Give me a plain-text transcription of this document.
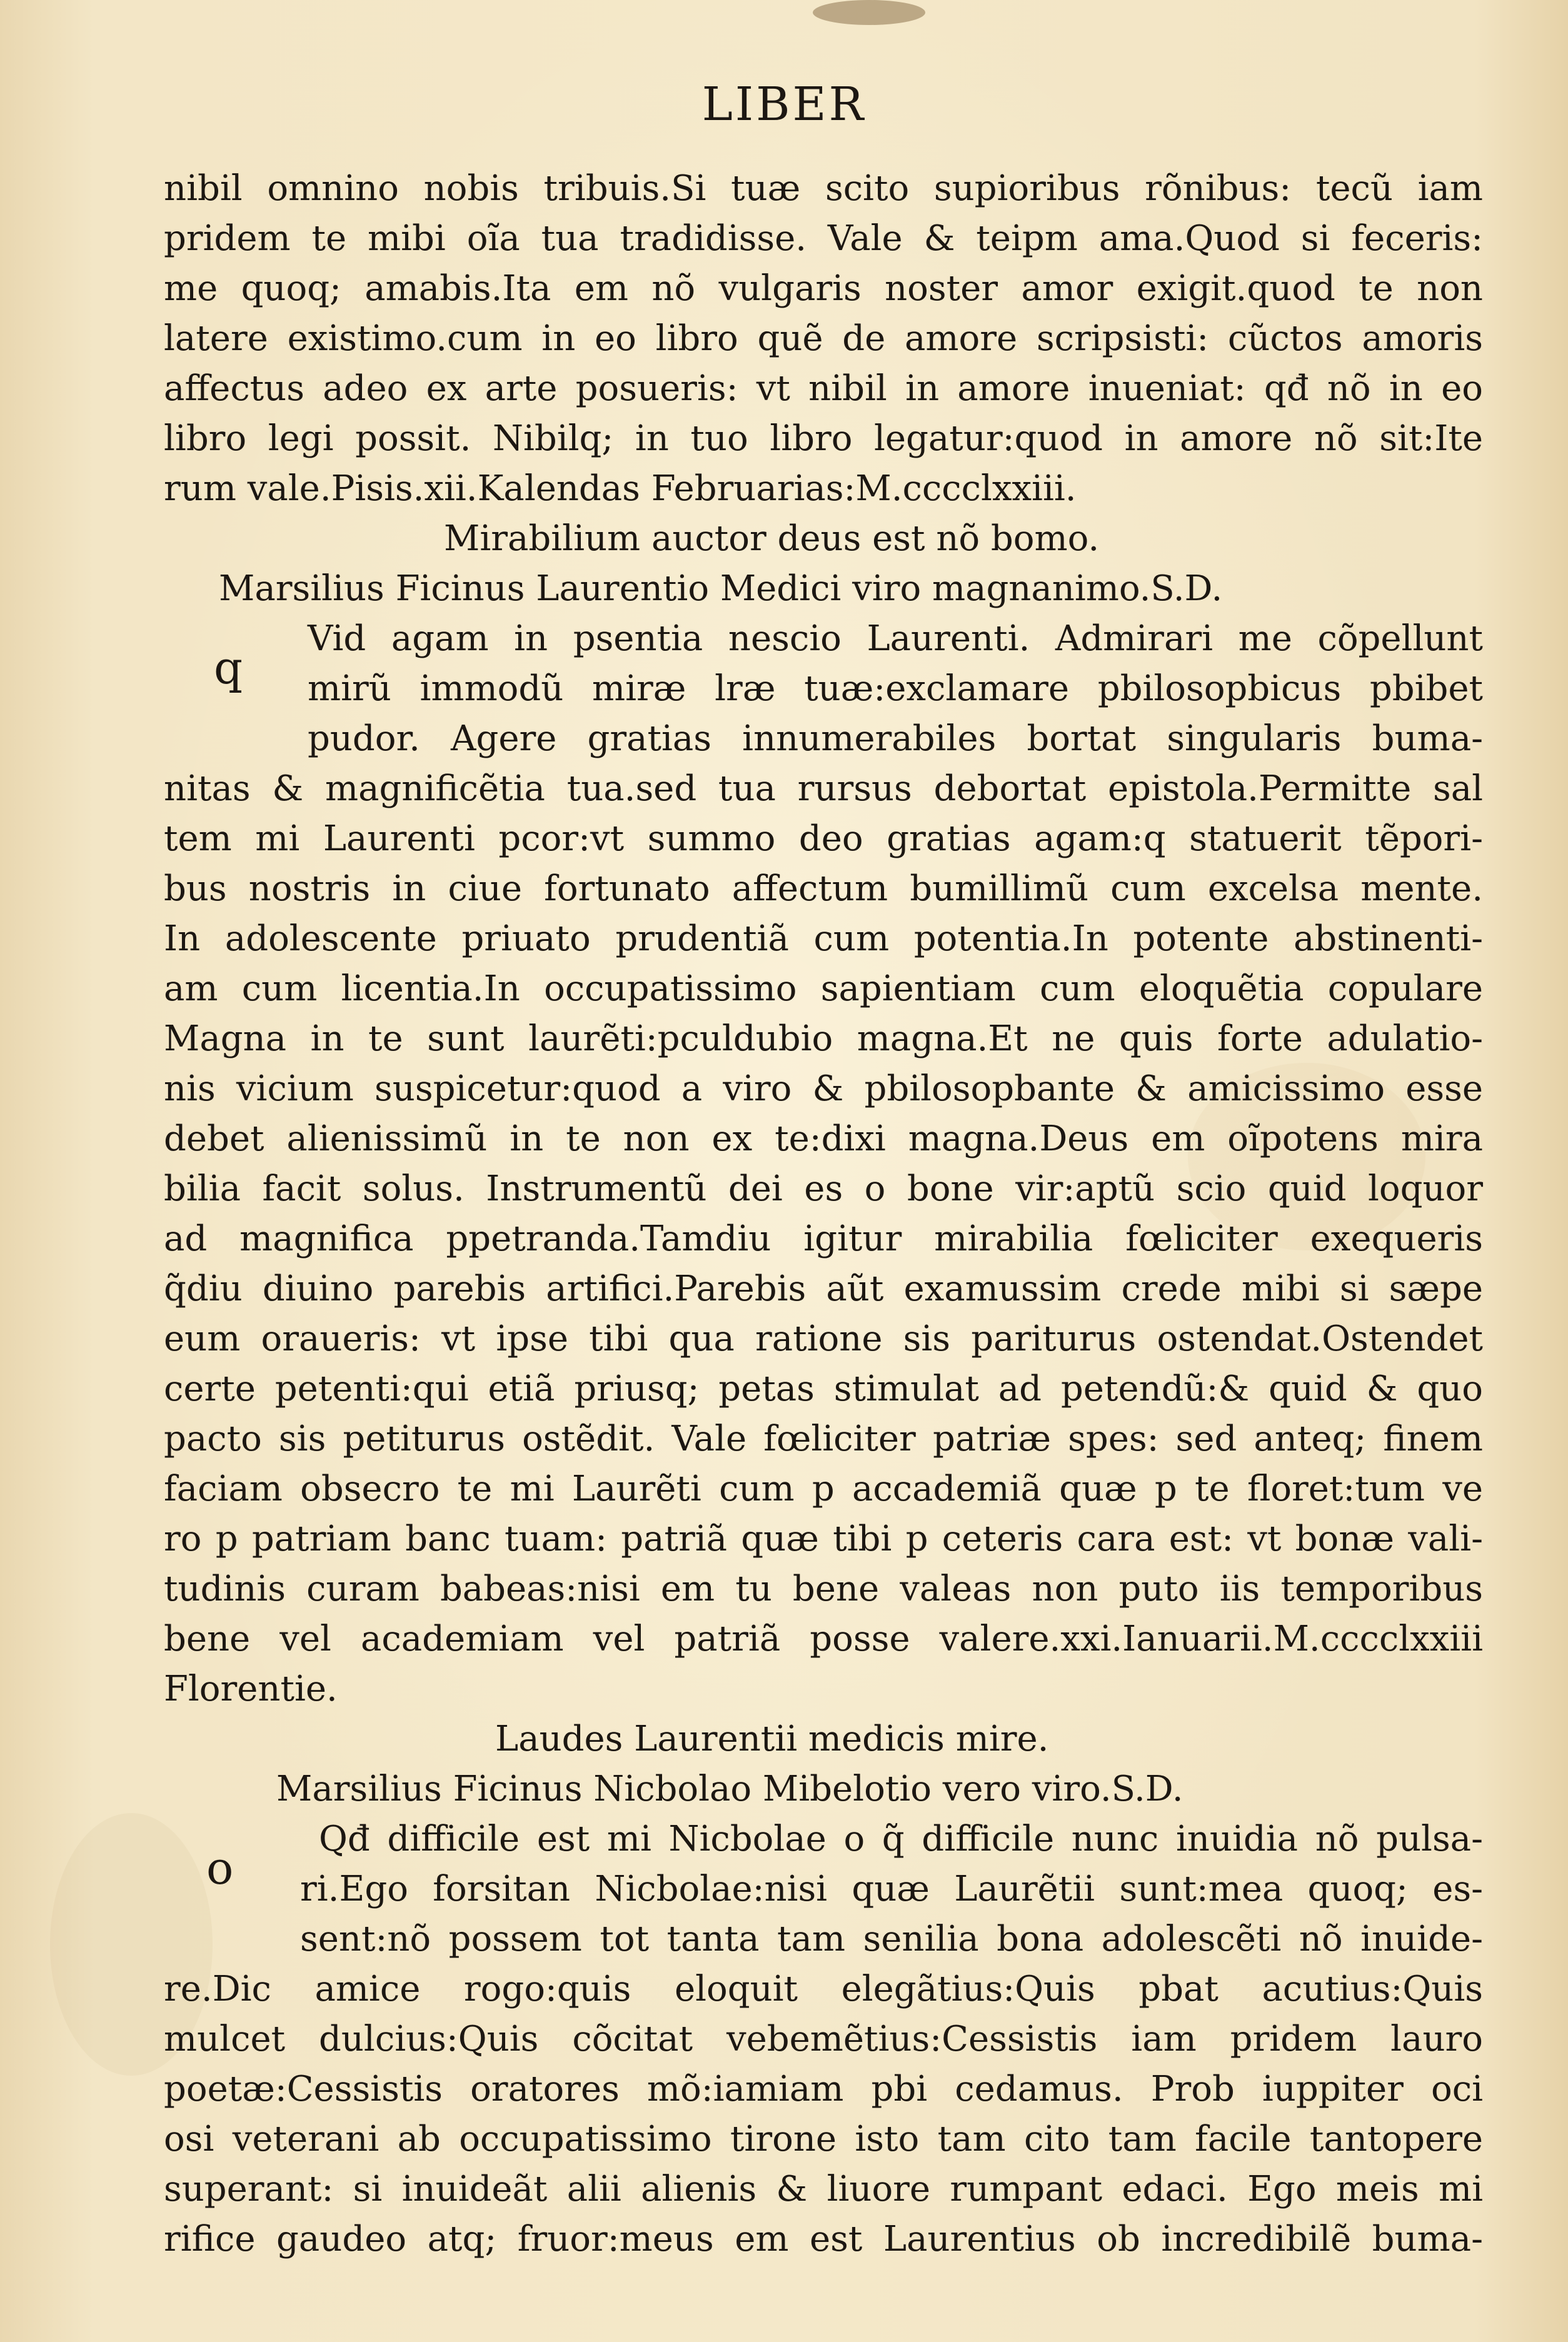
LIBER
nibil omnino nobis tribuis.Si tuæ scito supioribus rõnibus: tecũ iam
pridem te mibi oĩa tua tradidisse. Vale & teipm ama.Quod si feceris:
me quoq; amabis.Ita em nõ vulgaris noster amor exigit.quod te non
latere existimo.cum in eo libro quẽ de amore scripsisti: cũctos amoris
affectus adeo ex arte posueris: vt nibil in amore inueniat: qđ nõ in eo
libro legi possit. Nibilq; in tuo libro legatur:quod in amore nõ sit:Ite
rum vale.Pisis.xii.Kalendas Februarias:M.cccclxxiii.
Mirabilium auctor deus est nõ bomo.
Marsilius Ficinus Laurentio Medici viro magnanimo.S.D.
q
Vid agam in psentia nescio Laurenti. Admirari me cõpellunt
mirũ immodũ miræ lræ tuæ:exclamare pbilosopbicus pbibet
pudor. Agere gratias innumerabiles bortat singularis buma-
nitas & magnificẽtia tua.sed tua rursus debortat epistola.Permitte sal
tem mi Laurenti pcor:vt summo deo gratias agam:q statuerit tẽpori-
bus nostris in ciue fortunato affectum bumillimũ cum excelsa mente.
In adolescente priuato prudentiã cum potentia.In potente abstinenti-
am cum licentia.In occupatissimo sapientiam cum eloquẽtia copulare
Magna in te sunt laurẽti:pculdubio magna.Et ne quis forte adulatio-
nis vicium suspicetur:quod a viro & pbilosopbante & amicissimo esse
debet alienissimũ in te non ex te:dixi magna.Deus em oĩpotens mira
bilia facit solus. Instrumentũ dei es o bone vir:aptũ scio quid loquor
ad magnifica ppetranda.Tamdiu igitur mirabilia fœliciter exequeris
q̃diu diuino parebis artifici.Parebis aũt examussim crede mibi si sæpe
eum oraueris: vt ipse tibi qua ratione sis pariturus ostendat.Ostendet
certe petenti:qui etiã priusq; petas stimulat ad petendũ:& quid & quo
pacto sis petiturus ostẽdit. Vale fœliciter patriæ spes: sed anteq; finem
faciam obsecro te mi Laurẽti cum p accademiã quæ p te floret:tum ve
ro p patriam banc tuam: patriã quæ tibi p ceteris cara est: vt bonæ vali-
tudinis curam babeas:nisi em tu bene valeas non puto iis temporibus
bene vel academiam vel patriã posse valere.xxi.Ianuarii.M.cccclxxiii
Florentie.
Laudes Laurentii medicis mire.
Marsilius Ficinus Nicbolao Mibelotio vero viro.S.D.
o
Qđ difficile est mi Nicbolae o q̃ difficile nunc inuidia nõ pulsa-
ri.Ego forsitan Nicbolae:nisi quæ Laurẽtii sunt:mea quoq; es-
sent:nõ possem tot tanta tam senilia bona adolescẽti nõ inuide-
re.Dic amice rogo:quis eloquit elegãtius:Quis pbat acutius:Quis
mulcet dulcius:Quis cõcitat vebemẽtius:Cessistis iam pridem lauro
poetæ:Cessistis oratores mõ:iamiam pbi cedamus. Prob iuppiter oci
osi veterani ab occupatissimo tirone isto tam cito tam facile tantopere
superant: si inuideãt alii alienis & liuore rumpant edaci. Ego meis mi
rifice gaudeo atq; fruor:meus em est Laurentius ob incredibilẽ buma-
